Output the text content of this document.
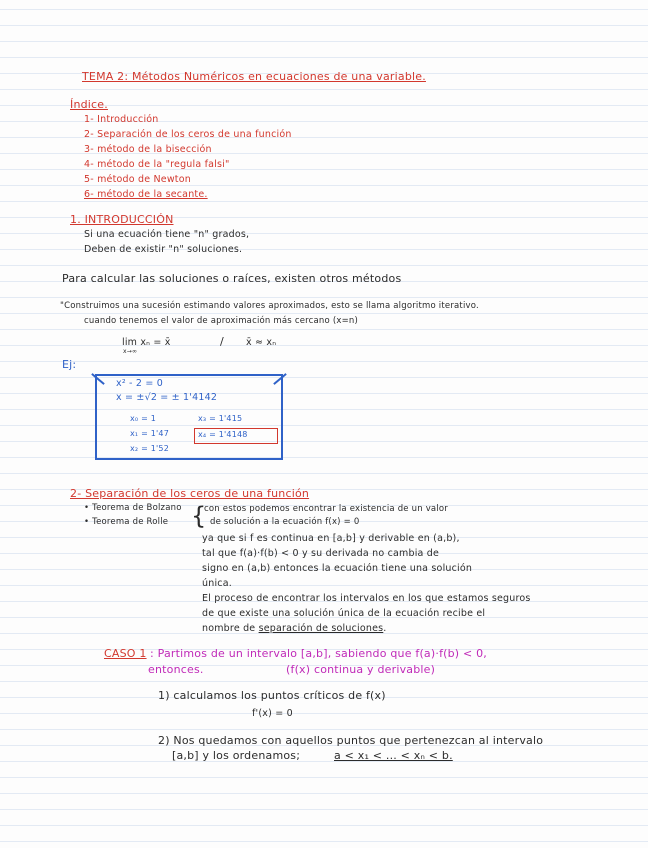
TEMA 2: Métodos Numéricos en ecuaciones de una variable.
Índice.
1- Introducción
2- Separación de los ceros de una función
3- método de la bisección
4- método de la "regula falsi"
5- método de Newton
6- método de la secante.
1. INTRODUCCIÓN
Si una ecuación tiene "n" grados,
Deben de existir "n" soluciones.
Para calcular las soluciones o raíces, existen otros métodos
"Construimos una sucesión estimando valores aproximados, esto se llama algoritmo iterativo.
cuando tenemos el valor de aproximación más cercano (x=n)
lim xₙ = x̄
x→∞
/ x̄ ≈ xₙ
Ej:
x² - 2 = 0
x = ±√2 = ± 1'4142
x₀ = 1
x₁ = 1'47
x₂ = 1'52
x₃ = 1'415
x₄ = 1'4148
2- Separación de los ceros de una función
• Teorema de Bolzano
• Teorema de Rolle {
con estos podemos encontrar la existencia de un valor
de solución a la ecuación f(x) = 0
ya que si f es continua en [a,b] y derivable en (a,b),
tal que f(a)·f(b) < 0 y su derivada no cambia de
signo en (a,b) entonces la ecuación tiene una solución
única.
El proceso de encontrar los intervalos en los que estamos seguros
de que existe una solución única de la ecuación recibe el
nombre de separación de soluciones.
CASO 1 : Partimos de un intervalo [a,b], sabiendo que f(a)·f(b) < 0,
entonces.	(f(x) continua y derivable)
1) calculamos los puntos críticos de f(x)
f'(x) = 0
2) Nos quedamos con aquellos puntos que pertenezcan al intervalo
[a,b] y los ordenamos;	a < x₁ < ... < xₙ < b.
